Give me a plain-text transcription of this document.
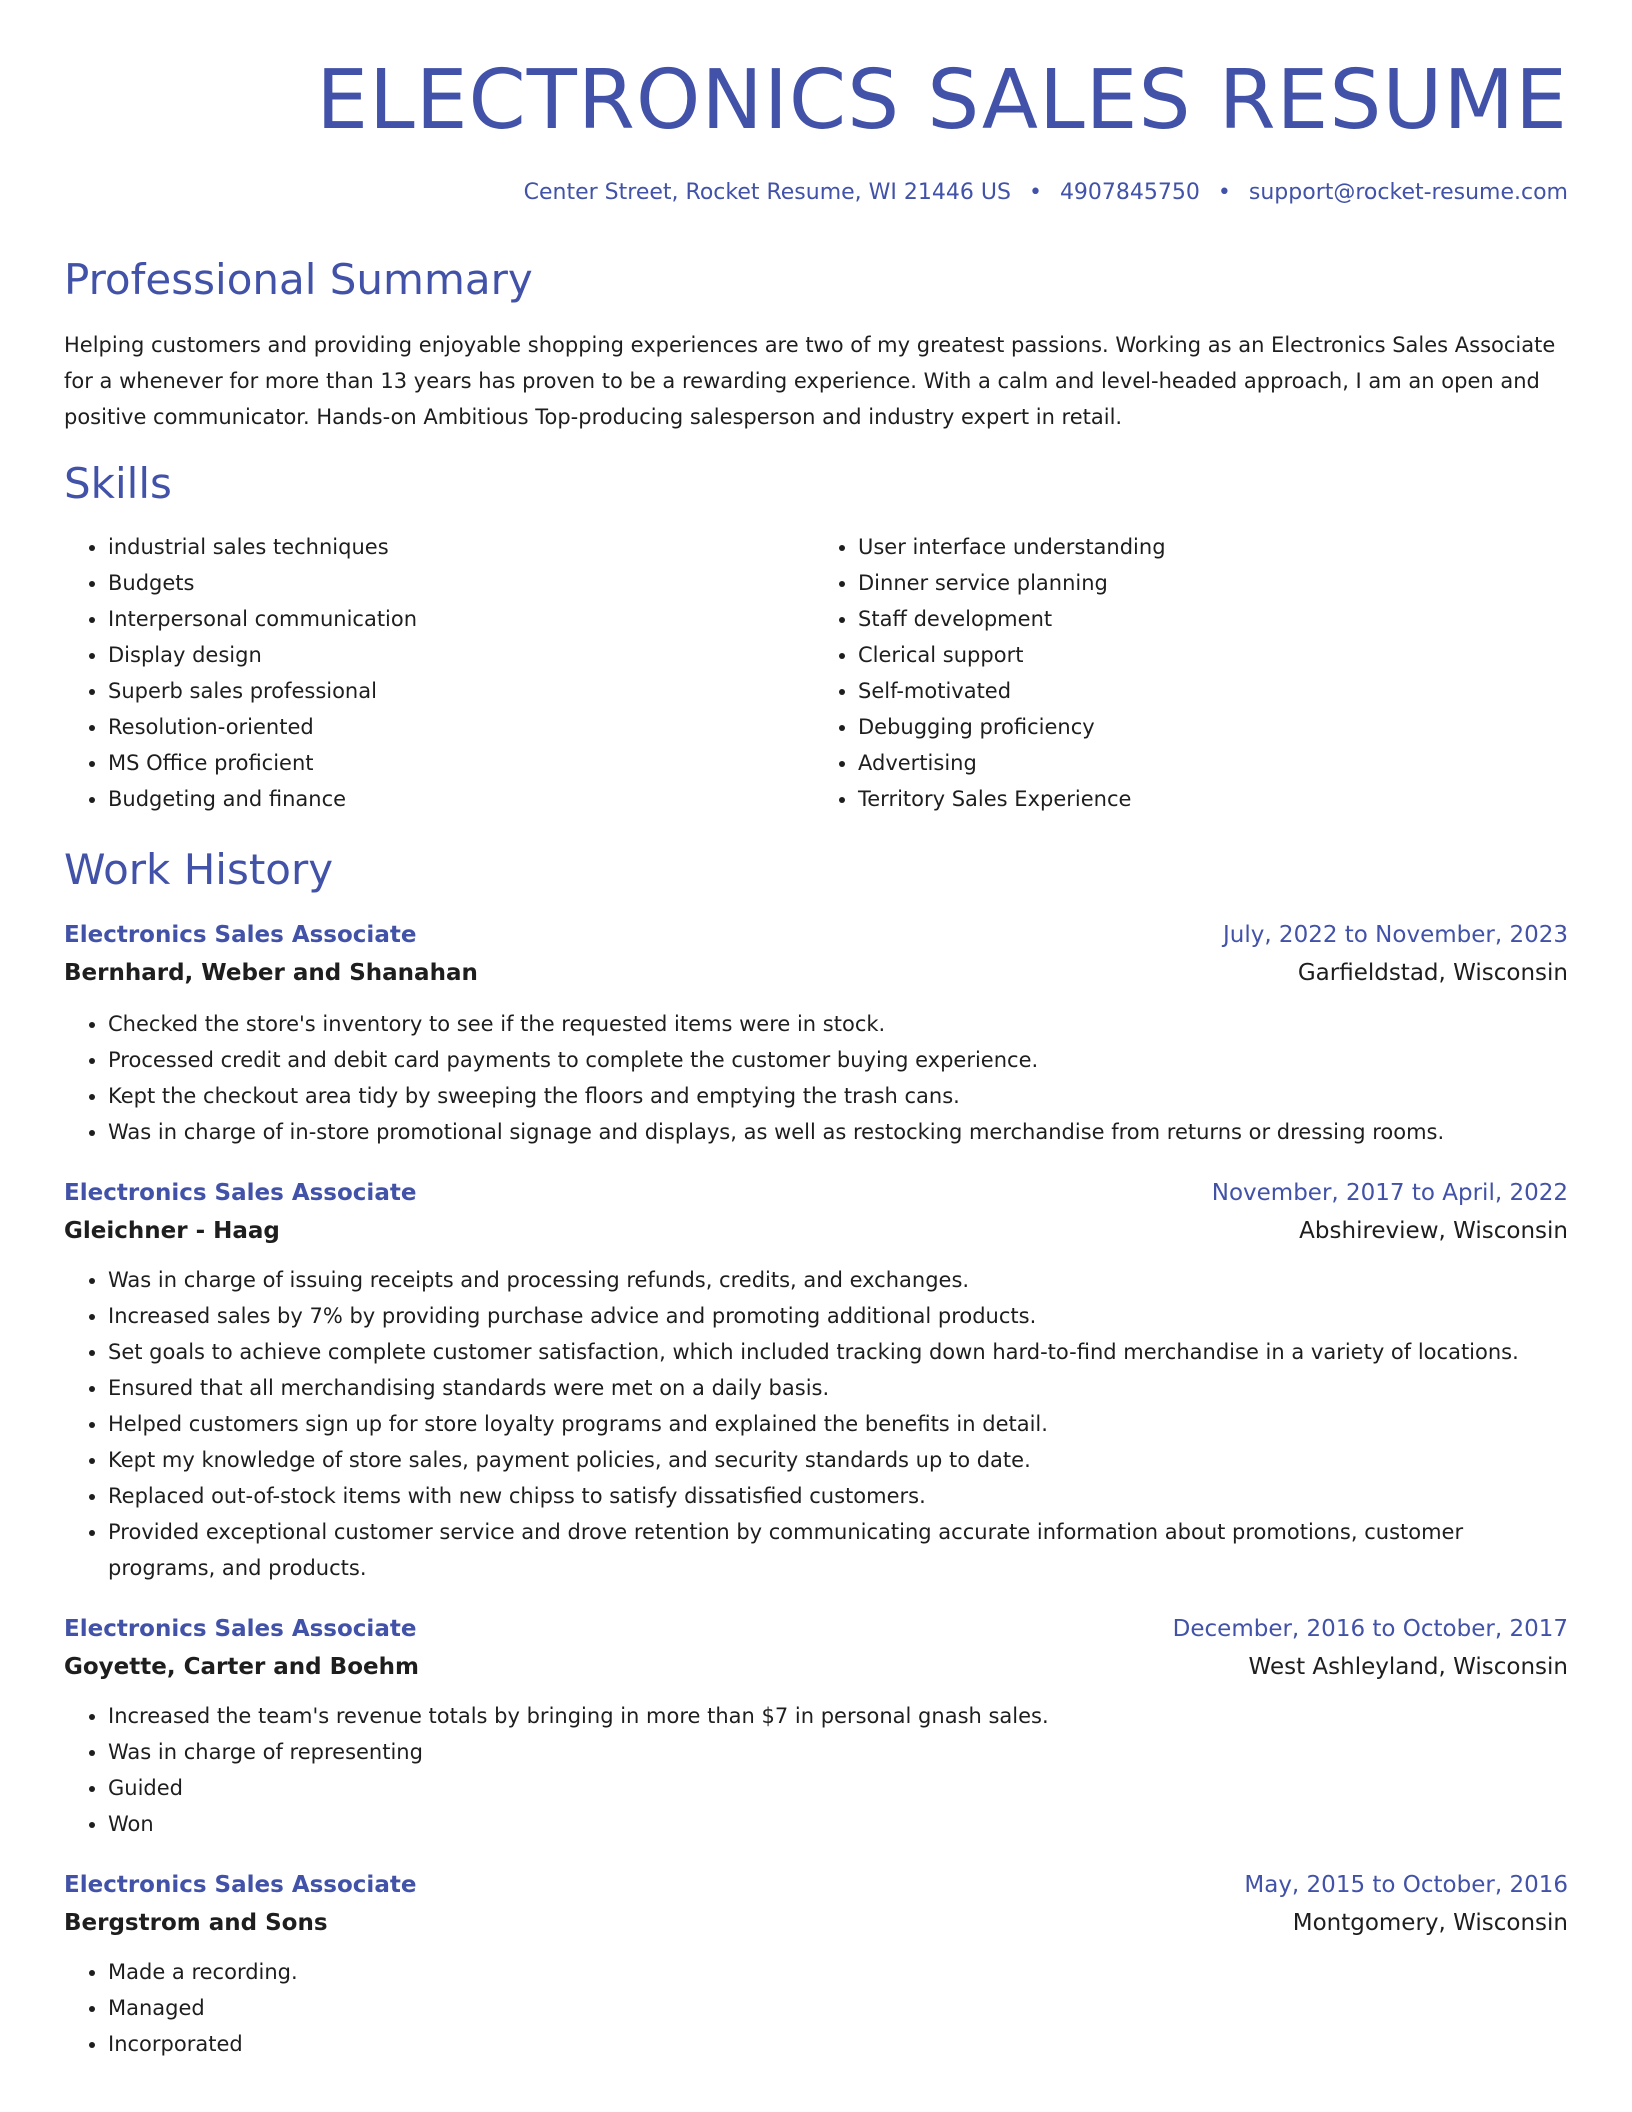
ELECTRONICS SALES RESUME
Center Street, Rocket Resume, WI 21446 US • 4907845750 • support@rocket-resume.com
Professional Summary

Helping customers and providing enjoyable shopping experiences are two of my greatest passions. Working as an Electronics Sales Associate for a whenever for more than 13 years has proven to be a rewarding experience. With a calm and level-headed approach, I am an open and positive communicator. Hands-on Ambitious Top-producing salesperson and industry expert in retail.

Skills
• industrial sales techniques
• Budgets
• Interpersonal communication
• Display design
• Superb sales professional
• Resolution-oriented
• MS Office proficient
• Budgeting and finance
• User interface understanding
• Dinner service planning
• Staff development
• Clerical support
• Self-motivated
• Debugging proficiency
• Advertising
• Territory Sales Experience
Work History
Electronics Sales Associate	July, 2022 to November, 2023
Bernhard, Weber and Shanahan	Garfieldstad, Wisconsin
• Checked the store's inventory to see if the requested items were in stock.
• Processed credit and debit card payments to complete the customer buying experience.
• Kept the checkout area tidy by sweeping the floors and emptying the trash cans.
• Was in charge of in-store promotional signage and displays, as well as restocking merchandise from returns or dressing rooms.
Electronics Sales Associate	November, 2017 to April, 2022
Gleichner - Haag	Abshireview, Wisconsin
• Was in charge of issuing receipts and processing refunds, credits, and exchanges.
• Increased sales by 7% by providing purchase advice and promoting additional products.
• Set goals to achieve complete customer satisfaction, which included tracking down hard-to-find merchandise in a variety of locations.
• Ensured that all merchandising standards were met on a daily basis.
• Helped customers sign up for store loyalty programs and explained the benefits in detail.
• Kept my knowledge of store sales, payment policies, and security standards up to date.
• Replaced out-of-stock items with new chipss to satisfy dissatisfied customers.
• Provided exceptional customer service and drove retention by communicating accurate information about promotions, customer programs, and products.
Electronics Sales Associate	December, 2016 to October, 2017
Goyette, Carter and Boehm	West Ashleyland, Wisconsin
• Increased the team's revenue totals by bringing in more than $7 in personal gnash sales.
• Was in charge of representing
• Guided
• Won
Electronics Sales Associate	May, 2015 to October, 2016
Bergstrom and Sons	Montgomery, Wisconsin
• Made a recording.
• Managed
• Incorporated
